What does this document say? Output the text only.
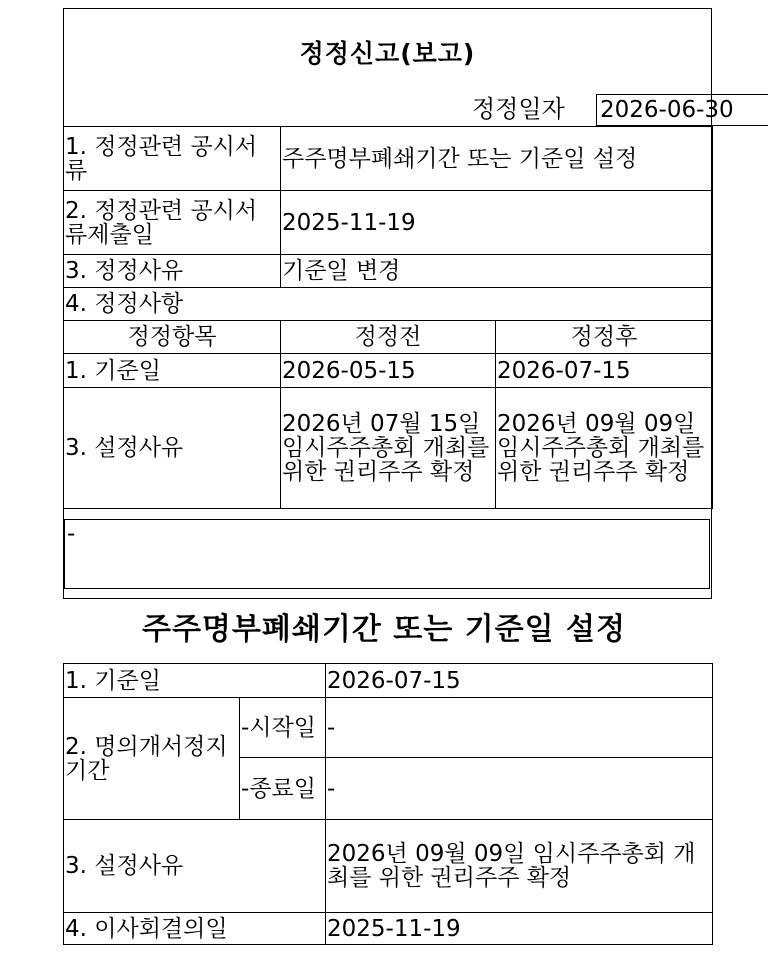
정정신고(보고)
정정일자 2026-06-30
1. 정정관련 공시서류	주주명부폐쇄기간 또는 기준일 설정	
2. 정정관련 공시서류제출일	2025-11-19	
3. 정정사유	기준일 변경	
4. 정정사항		
정정항목	정정전	정정후
1. 기준일	2026-05-15	2026-07-15
3. 설정사유	2026년 07월 15일 임시주주총회 개최를 위한 권리주주 확정	2026년 09월 09일 임시주주총회 개최를 위한 권리주주 확정
-
주주명부폐쇄기간 또는 기준일 설정
1. 기준일		2026-07-15
2. 명의개서정지기간	-시작일	-
	-종료일	-
3. 설정사유		2026년 09월 09일 임시주주총회 개최를 위한 권리주주 확정
4. 이사회결의일		2025-11-19
